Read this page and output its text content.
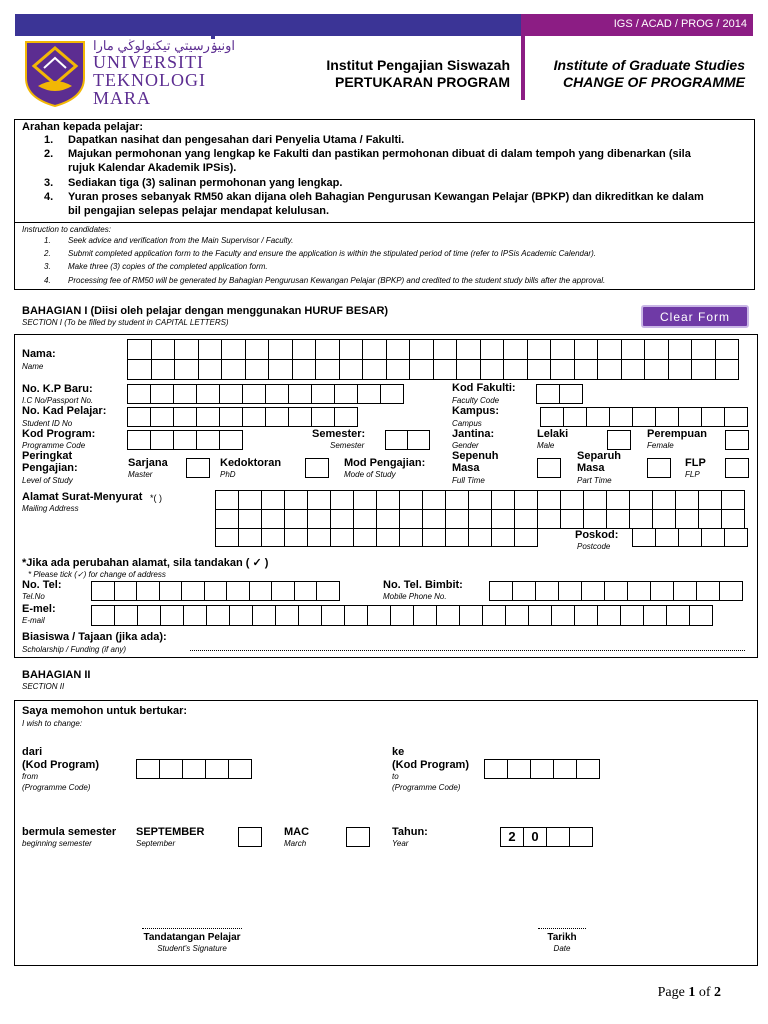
IGS / ACAD / PROG / 2014
اونيۏرسيتي تيكنولوڬي مارا
UNIVERSITI
TEKNOLOGI
MARA
Institut Pengajian Siswazah
PERTUKARAN PROGRAM
Institute of Graduate Studies
CHANGE OF PROGRAMME
Arahan kepada pelajar:
1. Dapatkan nasihat dan pengesahan dari Penyelia Utama / Fakulti.
2. Majukan permohonan yang lengkap ke Fakulti dan pastikan permohonan dibuat di dalam tempoh yang dibenarkan (sila
rujuk Kalendar Akademik IPSis).
3. Sediakan tiga (3) salinan permohonan yang lengkap.
4. Yuran proses sebanyak RM50 akan dijana oleh Bahagian Pengurusan Kewangan Pelajar (BPKP) dan dikreditkan ke dalam
bil pengajian selepas pelajar mendapat kelulusan.
Instruction to candidates:
1. Seek advice and verification from the Main Supervisor / Faculty.
2. Submit completed application form to the Faculty and ensure the application is within the stipulated period of time (refer to IPSis Academic Calendar).
3. Make three (3) copies of the completed application form.
4. Processing fee of RM50 will be generated by Bahagian Pengurusan Kewangan Pelajar (BPKP) and credited to the student study bills after the approval.
BAHAGIAN I (Diisi oleh pelajar dengan menggunakan HURUF BESAR)
SECTION I (To be filled by student in CAPITAL LETTERS)	Clear Form
Nama:
Name
No. K.P Baru:
I.C No/Passport No.
Kod Fakulti:
Faculty Code
No. Kad Pelajar:
Student ID No
Kampus:
Campus
Kod Program:
Programme Code
Semester:
Semester
Jantina:
Gender
Lelaki
Male
Perempuan
Female
Peringkat
Pengajian:
Level of Study
Sarjana
Master
Kedoktoran
PhD
Mod Pengajian:
Mode of Study
Sepenuh
Masa
Full Time
Separuh
Masa
Part Time
FLP
FLP
Alamat Surat-Menyurat *( )
Mailing Address
Poskod:
Postcode
*Jika ada perubahan alamat, sila tandakan ( ✓ )
* Please tick (✓) for change of address
No. Tel:
Tel.No
No. Tel. Bimbit:
Mobile Phone No.
E-mel:
E-mail
Biasiswa / Tajaan (jika ada):
Scholarship / Funding (if any)
BAHAGIAN II
SECTION II
Saya memohon untuk bertukar:
I wish to change:
dari
(Kod Program)
from
(Programme Code)
ke
(Kod Program)
to
(Programme Code)
bermula semester
beginning semester
SEPTEMBER
September
MAC
March
Tahun:
Year	2	0
Tandatangan Pelajar
Student's Signature
Tarikh
Date
Page 1 of 2
